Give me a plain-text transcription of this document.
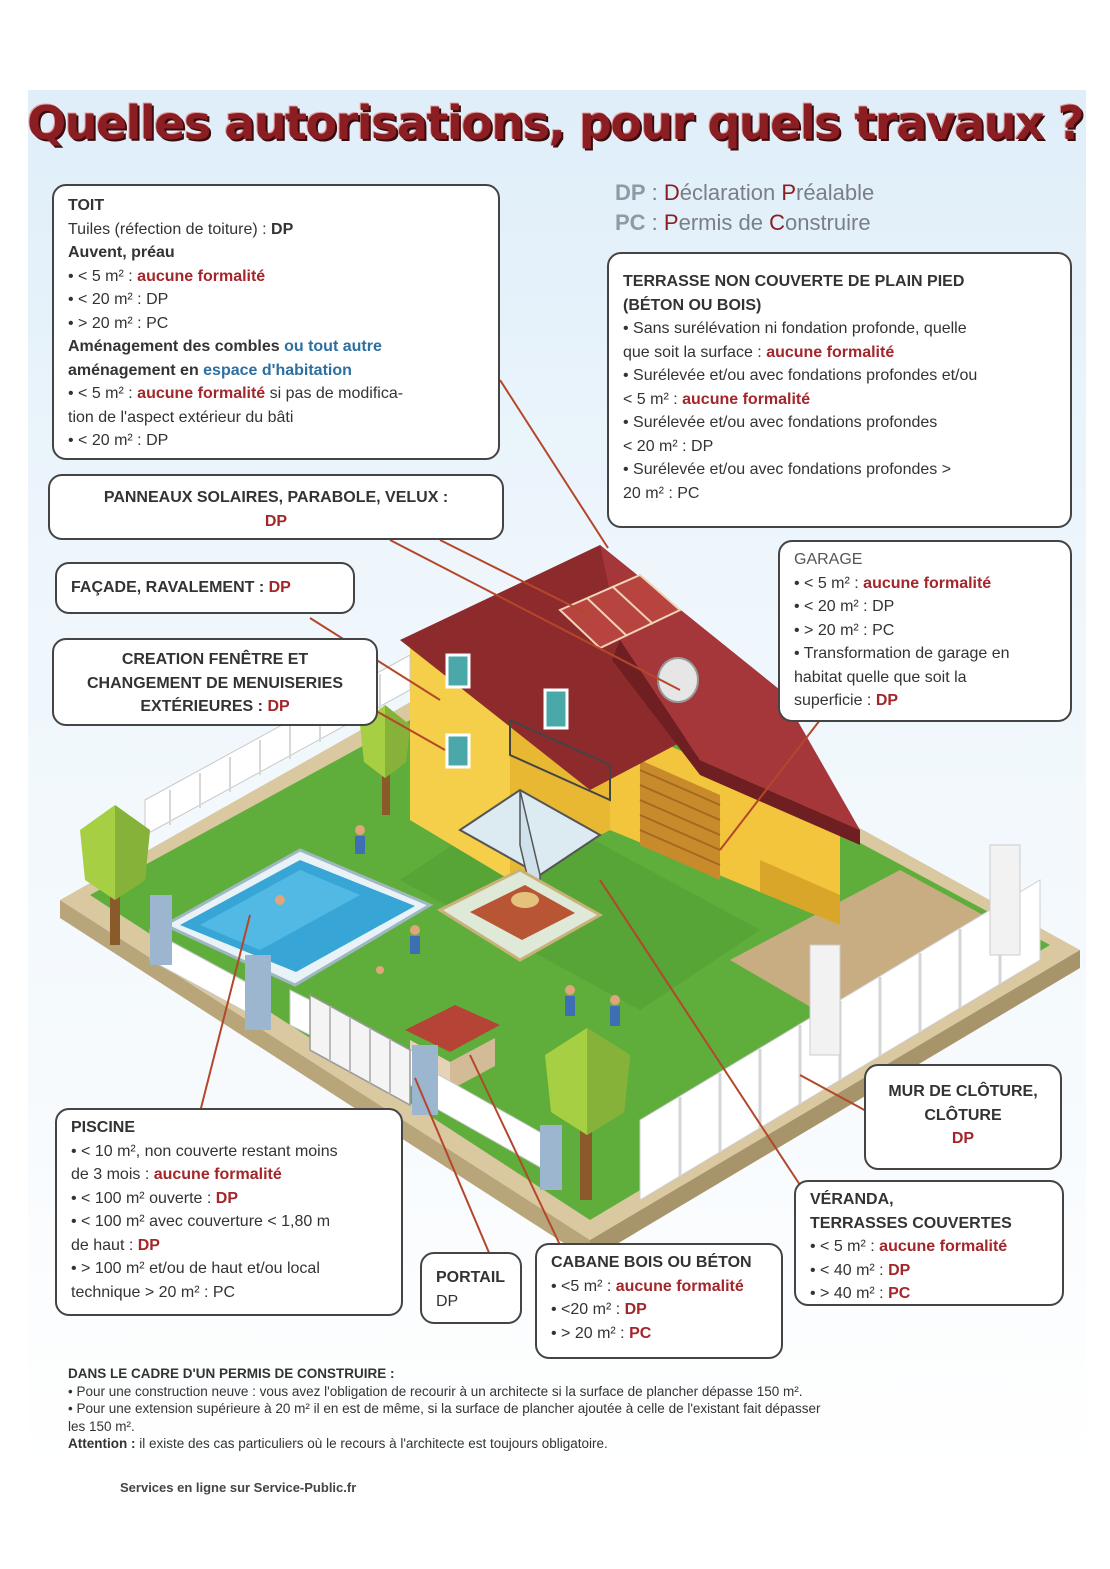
Quelles autorisations, pour quels travaux ?
DP : Déclaration Préalable
PC : Permis de Construire
TOIT
Tuiles (réfection de toiture) : DP
Auvent, préau
• < 5 m² : aucune formalité
• < 20 m² : DP
• > 20 m² : PC
Aménagement des combles ou tout autre
aménagement en espace d'habitation
• < 5 m² : aucune formalité si pas de modifica-
tion de l'aspect extérieur du bâti
• < 20 m² : DP
PANNEAUX SOLAIRES, PARABOLE, VELUX :
DP
FAÇADE, RAVALEMENT : DP
CREATION FENÊTRE ET
CHANGEMENT DE MENUISERIES
EXTÉRIEURES : DP
TERRASSE NON COUVERTE DE PLAIN PIED
(BÉTON OU BOIS)
• Sans surélévation ni fondation profonde, quelle
que soit la surface : aucune formalité
• Surélevée et/ou avec fondations profondes et/ou
< 5 m² : aucune formalité
• Surélevée et/ou avec fondations profondes
< 20 m² : DP
• Surélevée et/ou avec fondations profondes >
20 m² : PC
GARAGE
• < 5 m² : aucune formalité
• < 20 m² : DP
• > 20 m² : PC
• Transformation de garage en
habitat quelle que soit la
superficie : DP
PISCINE
• < 10 m², non couverte restant moins
de 3 mois : aucune formalité
• < 100 m² ouverte : DP
• < 100 m² avec couverture < 1,80 m
de haut : DP
• > 100 m² et/ou de haut et/ou local
technique > 20 m² : PC
PORTAIL
DP
CABANE BOIS OU BÉTON
• <5 m² : aucune formalité
• <20 m² : DP
• > 20 m² : PC
MUR DE CLÔTURE,
CLÔTURE
DP
VÉRANDA,
TERRASSES COUVERTES
• < 5 m² : aucune formalité
• < 40 m² : DP
• > 40 m² : PC
DANS LE CADRE D'UN PERMIS DE CONSTRUIRE :
• Pour une construction neuve : vous avez l'obligation de recourir à un architecte si la surface de plancher dépasse 150 m².
• Pour une extension supérieure à 20 m² il en est de même, si la surface de plancher ajoutée à celle de l'existant fait dépasser
les 150 m².
Attention : il existe des cas particuliers où le recours à l'architecte est toujours obligatoire.
Services en ligne sur Service-Public.fr
